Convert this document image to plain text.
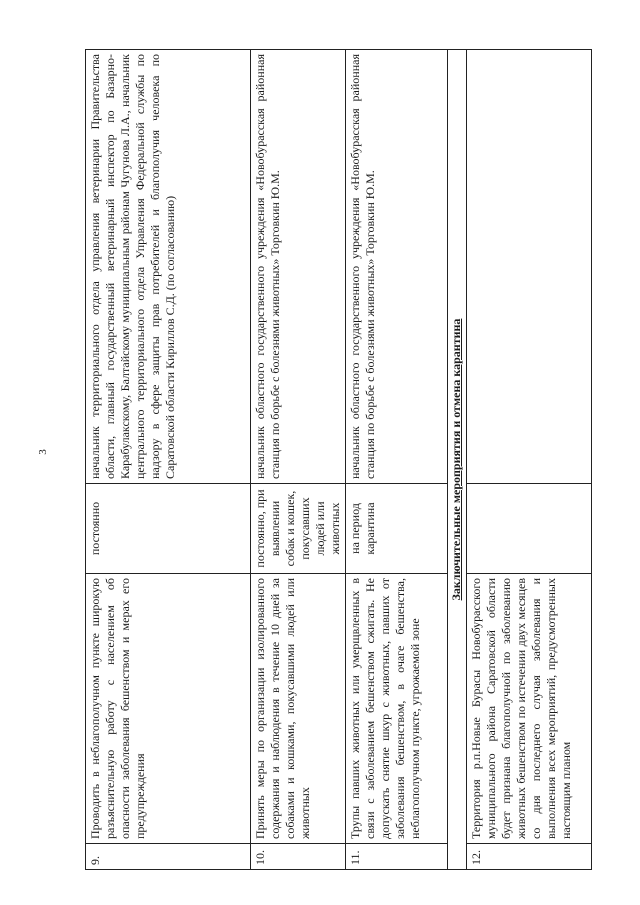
3
9.	Проводить в неблагополучном пункте широкую разъяснительную работу с населением об опасности заболевания бешенством и мерах его предупреждения	постоянно	начальник территориального отдела управления ветеринарии Правительства области, главный государственный ветеринарный инспектор по Базарно-Карабулакскому, Балтайскому муниципальным районам Чугунова Л.А., начальник центрального территориального отдела Управления Федеральной службы по надзору в сфере защиты прав потребителей и благополучия человека по Саратовской области Кириллов С.Д. (по согласованию)
10.	Принять меры по организации изолированного содержания и наблюдения в течение 10 дней за собаками и кошками, покусавшими людей или животных	постоянно, при выявлении собак и кошек, покусавших людей или животных	начальник областного государственного учреждения «Новобурасская районная станция по борьбе с болезнями животных» Торговкин Ю.М.
11.	Трупы павших животных или умерщвленных в связи с заболеванием бешенством сжигать. Не допускать снятие шкур с животных, павших от заболевания бешенством, в очаге бешенства, неблагополучном пункте, угрожаемой зоне	на период карантина	начальник областного государственного учреждения «Новобурасская районная станция по борьбе с болезнями животных» Торговкин Ю.М.
Заключительные мероприятия и отмена карантина			
12.	Территория р.п.Новые Бурасы Новобурасского муниципального района Саратовской области будет признана благополучной по заболеванию животных бешенством по истечении двух месяцев со дня последнего случая заболевания и выполнения всех мероприятий, предусмотренных настоящим планом		
